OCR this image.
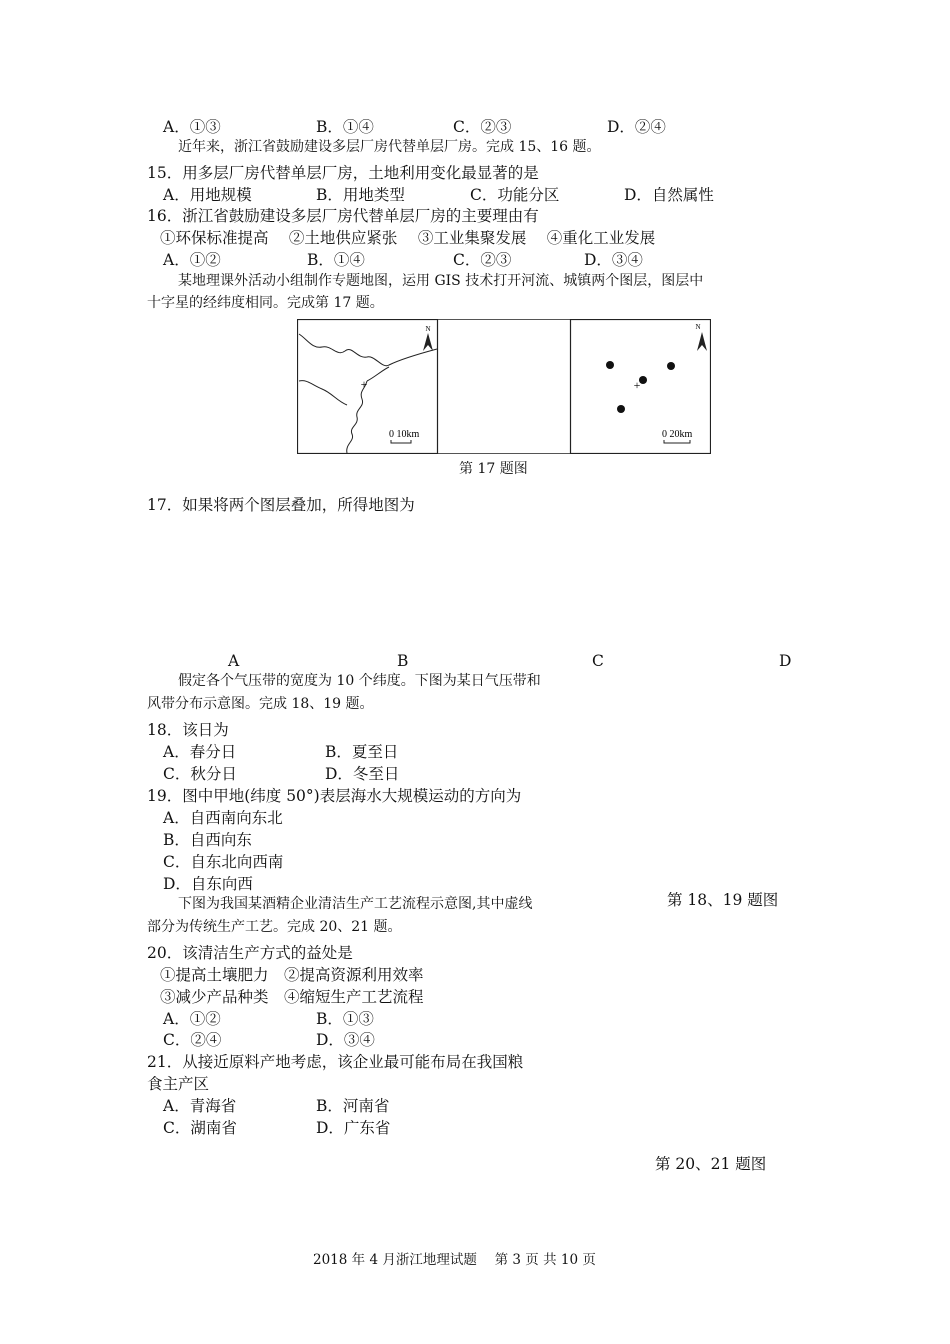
A．①③	B．①④	C．②③	D．②④
近年来，浙江省鼓励建设多层厂房代替单层厂房。完成 15、16 题。
15．用多层厂房代替单层厂房，土地利用变化最显著的是
A．用地规模	B．用地类型	C．功能分区	D．自然属性
16．浙江省鼓励建设多层厂房代替单层厂房的主要理由有
①环保标准提高　 ②土地供应紧张　 ③工业集聚发展　 ④重化工业发展
A．①②	B．①④	C．②③	D．③④
某地理课外活动小组制作专题地图，运用 GIS 技术打开河流、城镇两个图层，图层中
十字星的经纬度相同。完成第 17 题。
+
N
0 10km
+
N
0 20km
第 17 题图
17．如果将两个图层叠加，所得地图为
A	B	C	D
假定各个气压带的宽度为 10 个纬度。下图为某日气压带和
风带分布示意图。完成 18、19 题。
18．该日为
A．春分日	B．夏至日
C．秋分日	D．冬至日
19．图中甲地(纬度 50°)表层海水大规模运动的方向为
A．自西南向东北
B．自西向东
C．自东北向西南
D．自东向西
第 18、19 题图
下图为我国某酒精企业清洁生产工艺流程示意图,其中虚线
部分为传统生产工艺。完成 20、21 题。
20．该清洁生产方式的益处是
①提高土壤肥力　②提高资源利用效率
③减少产品种类　④缩短生产工艺流程
A．①②	B．①③
C．②④	D．③④
21．从接近原料产地考虑，该企业最可能布局在我国粮
食主产区
A．青海省	B．河南省
C．湖南省	D．广东省
第 20、21 题图
2018 年 4 月浙江地理试题　 第 3 页 共 10 页
